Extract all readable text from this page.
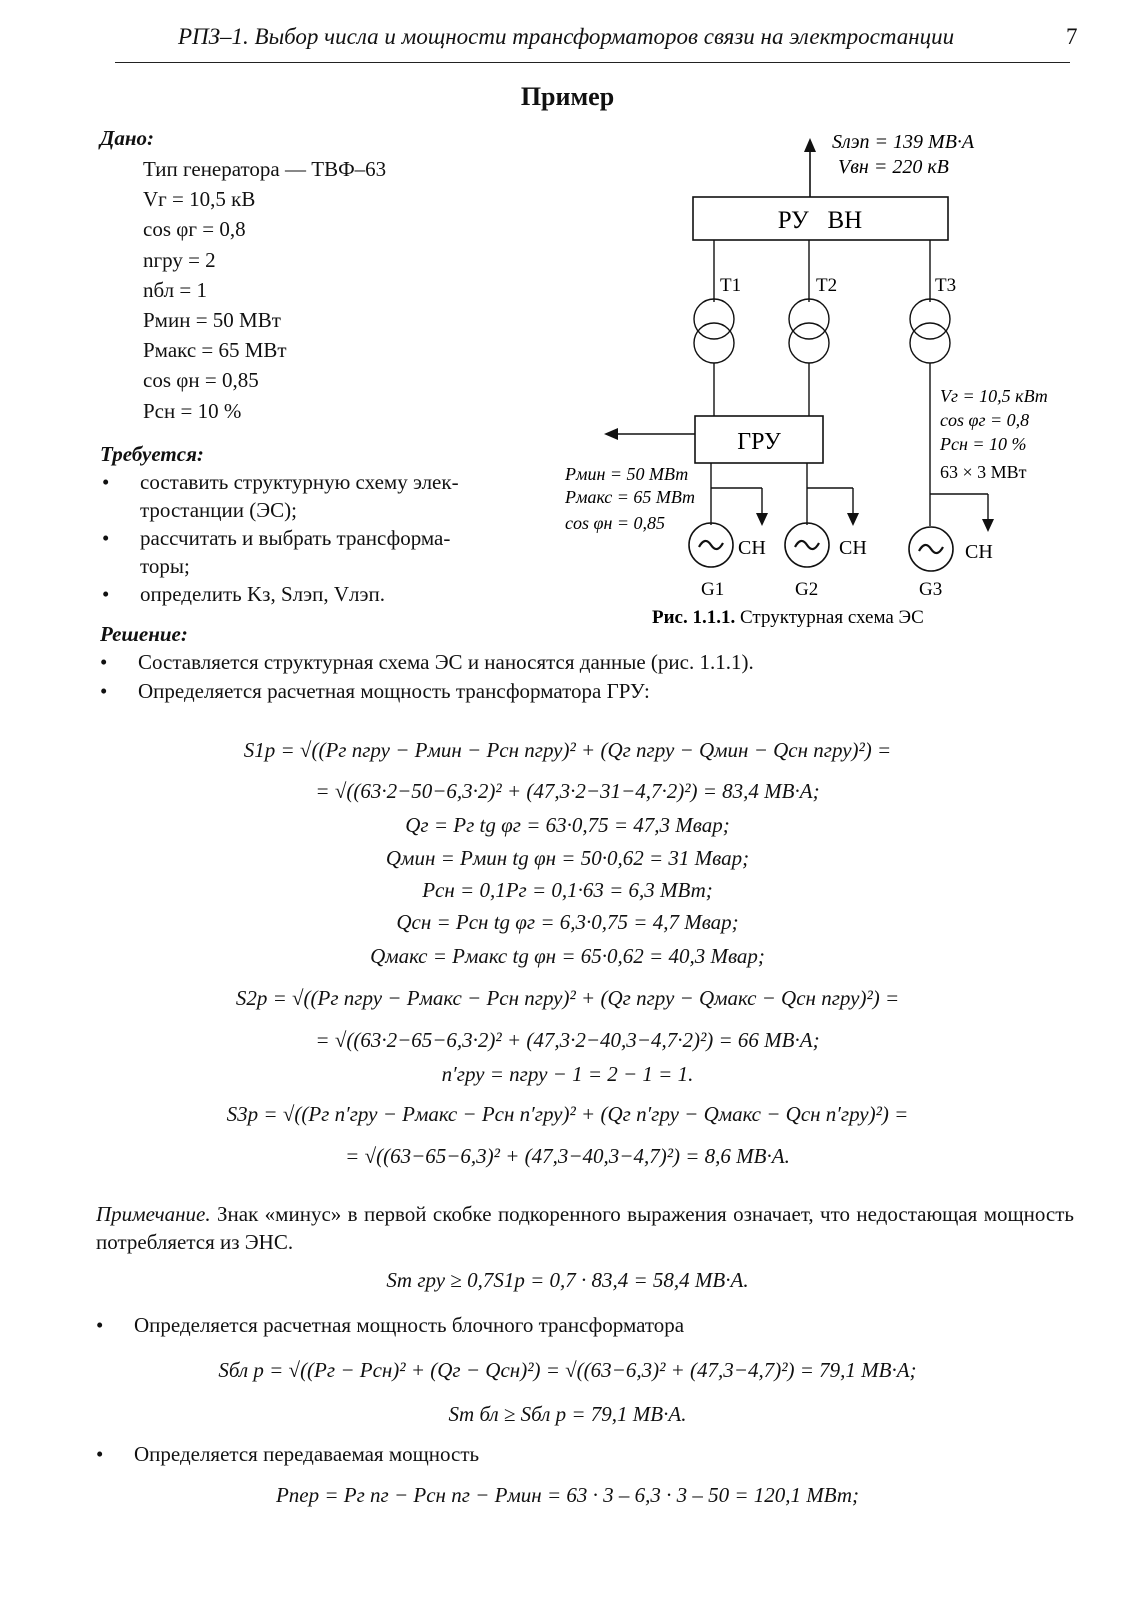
РПЗ–1. Выбор числа и мощности трансформаторов связи на электростанции	7
Пример
Дано:
Тип генератора — ТВФ–63
Vг = 10,5 кВ
cos φг = 0,8
nгру = 2
nбл = 1
Pмин = 50 МВт
Pмакс = 65 МВт
cos φн = 0,85
Pсн = 10 %
Требуется:
• составить структурную схему элек-
тростанции (ЭС);
• рассчитать и выбрать трансформа-
торы;
• определить Kз, Sлэп, Vлэп.
Sлэп = 139 МВ·А
Vвн = 220 кВ
РУ   ВН
T1	T2	T3
ГРУ
Pмин = 50 МВт
Pмакс = 65 МВт
cos φн = 0,85
Vг = 10,5 кВт
cos φг = 0,8
Pсн = 10 %
63 × 3 МВт
СН
G1
СН
G2
СН
G3
Рис. 1.1.1. Структурная схема ЭС
Решение:
• Составляется структурная схема ЭС и наносятся данные (рис. 1.1.1).
• Определяется расчетная мощность трансформатора ГРУ:
S1р = √((Pг nгру − Pмин − Pсн nгру)² + (Qг nгру − Qмин − Qсн nгру)²) =
= √((63·2−50−6,3·2)² + (47,3·2−31−4,7·2)²) = 83,4 МВ·А;
Qг = Pг tg φг = 63·0,75 = 47,3 Мвар;
Qмин = Pмин tg φн = 50·0,62 = 31 Мвар;
Pсн = 0,1Pг = 0,1·63 = 6,3 МВт;
Qсн = Pсн tg φг = 6,3·0,75 = 4,7 Мвар;
Qмакс = Pмакс tg φн = 65·0,62 = 40,3 Мвар;
S2р = √((Pг nгру − Pмакс − Pсн nгру)² + (Qг nгру − Qмакс − Qсн nгру)²) =
= √((63·2−65−6,3·2)² + (47,3·2−40,3−4,7·2)²) = 66 МВ·А;
n′гру = nгру − 1 = 2 − 1 = 1.
S3р = √((Pг n′гру − Pмакс − Pсн n′гру)² + (Qг n′гру − Qмакс − Qсн n′гру)²) =
= √((63−65−6,3)² + (47,3−40,3−4,7)²) = 8,6 МВ·А.
Примечание. Знак «минус» в первой скобке подкоренного выражения означает, что недостающая мощность потребляется из ЭНС.
Sт гру ≥ 0,7S1р = 0,7 · 83,4 = 58,4 МВ·А.
• Определяется расчетная мощность блочного трансформатора
Sбл р = √((Pг − Pсн)² + (Qг − Qсн)²) = √((63−6,3)² + (47,3−4,7)²) = 79,1 МВ·А;
Sт бл ≥ Sбл р = 79,1 МВ·А.
• Определяется передаваемая мощность
Pпер = Pг nг − Pсн nг − Pмин = 63 · 3 – 6,3 · 3 – 50 = 120,1 МВт;
